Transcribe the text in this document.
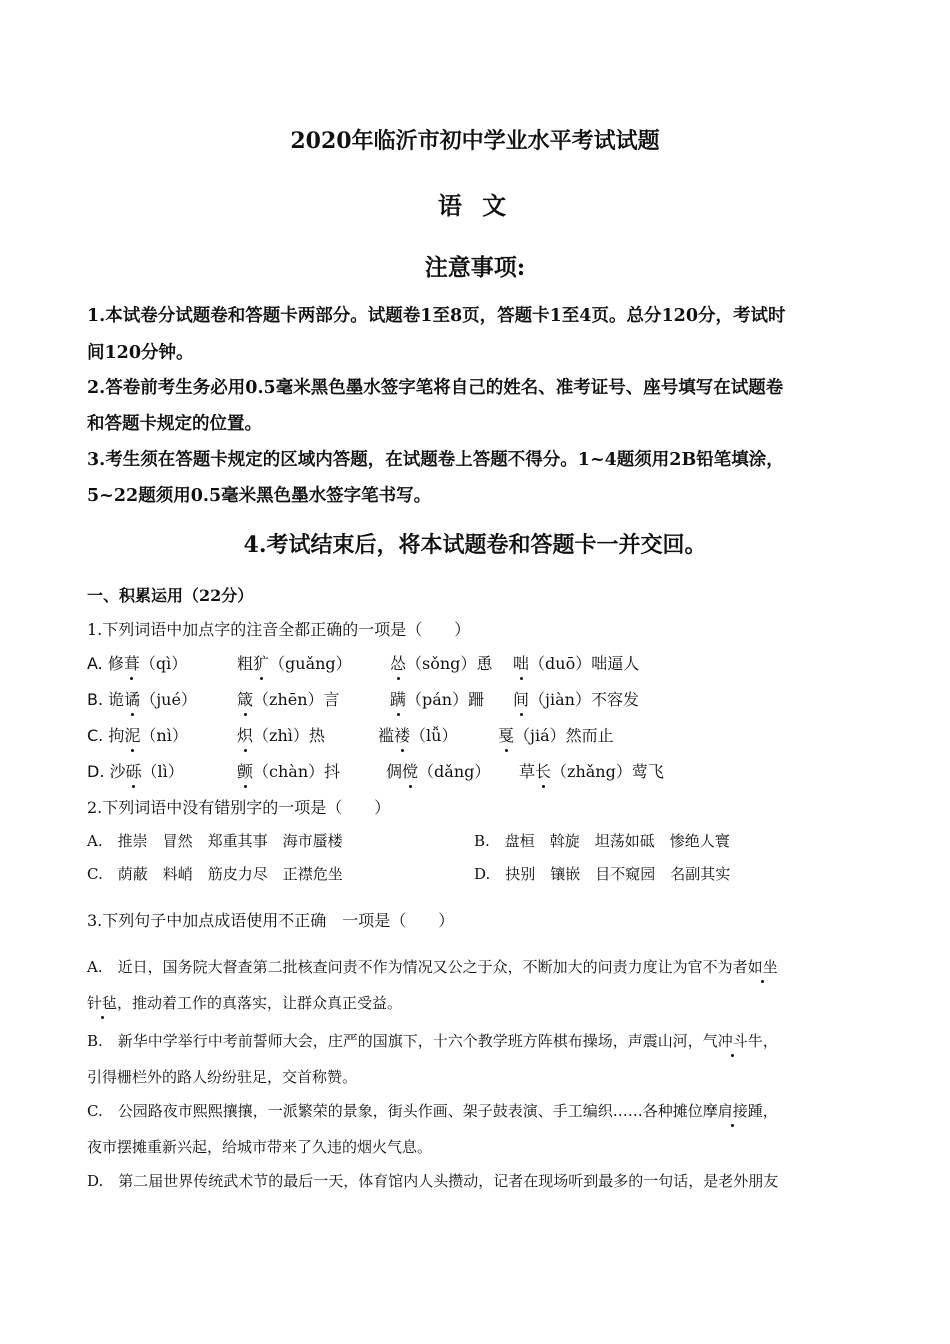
2020年临沂市初中学业水平考试试题
语 文
注意事项:
1.本试卷分试题卷和答题卡两部分。试题卷1至8页，答题卡1至4页。总分120分，考试时
间120分钟。
2.答卷前考生务必用0.5毫米黑色墨水签字笔将自己的姓名、准考证号、座号填写在试题卷
和答题卡规定的位置。
3.考生须在答题卡规定的区域内答题，在试题卷上答题不得分。1~4题须用2B铅笔填涂，
5~22题须用0.5毫米黑色墨水签字笔书写。
4.考试结束后，将本试题卷和答题卡一并交回。
一、积累运用（22分）
1.下列词语中加点字的注音全都正确的一项是（　　）
A. 修葺（qì）	粗犷（guǎng） 怂（sǒng）恿 咄（duō）咄逼人
B. 诡谲（jué）	箴（zhēn）言	蹒（pán）跚 间（jiàn）不容发
C. 拘泥（nì）	炽（zhì）热	褴褛（lǚ）	戛（jiá）然而止
D. 沙砾（lì）	颤（chàn）抖	倜傥（dǎng） 草长（zhǎng）莺飞
2.下列词语中没有错别字的一项是（　　）
A.　推崇　冒然　郑重其事　海市蜃楼	B.　盘桓　斡旋　坦荡如砥　惨绝人寰
C.　荫蔽　料峭　筋皮力尽　正襟危坐	D.　抉别　镶嵌　目不窥园　名副其实
3.下列句子中加点成语使用不正确　一项是（　　）
A.　近日，国务院大督查第二批核查问责不作为情况又公之于众，不断加大的问责力度让为官不为者如坐
针毡，推动着工作的真落实，让群众真正受益。
B.　新华中学举行中考前誓师大会，庄严的国旗下，十六个教学班方阵棋布操场，声震山河，气冲斗牛，
引得栅栏外的路人纷纷驻足，交首称赞。
C.　公园路夜市熙熙攘攘，一派繁荣的景象，街头作画、架子鼓表演、手工编织……各种摊位摩肩接踵，
夜市摆摊重新兴起，给城市带来了久违的烟火气息。
D.　第二届世界传统武术节的最后一天，体育馆内人头攒动，记者在现场听到最多的一句话，是老外朋友
